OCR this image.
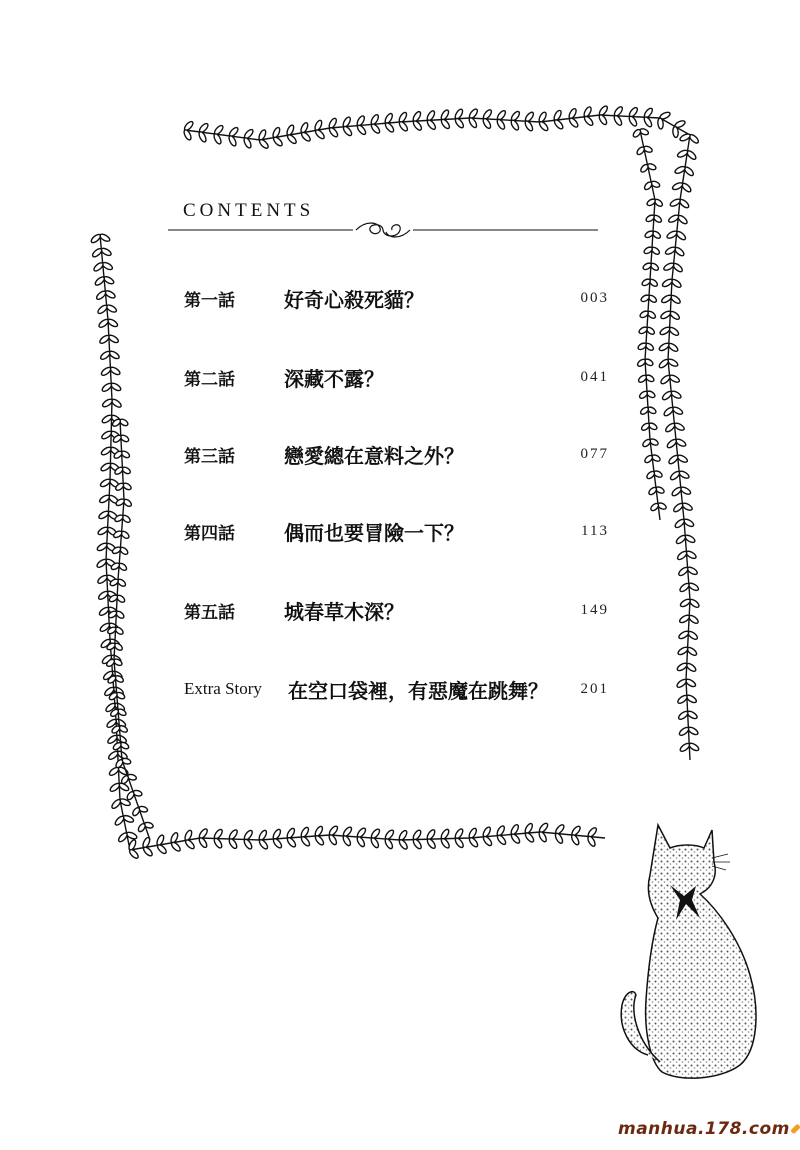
CONTENTS
第一話	好奇心殺死貓？	003
第二話	深藏不露？	041
第三話	戀愛總在意料之外？	077
第四話	偶而也要冒險一下？	113
第五話	城春草木深？	149
Extra Story	在空口袋裡，有惡魔在跳舞？	201
manhua.178.com
